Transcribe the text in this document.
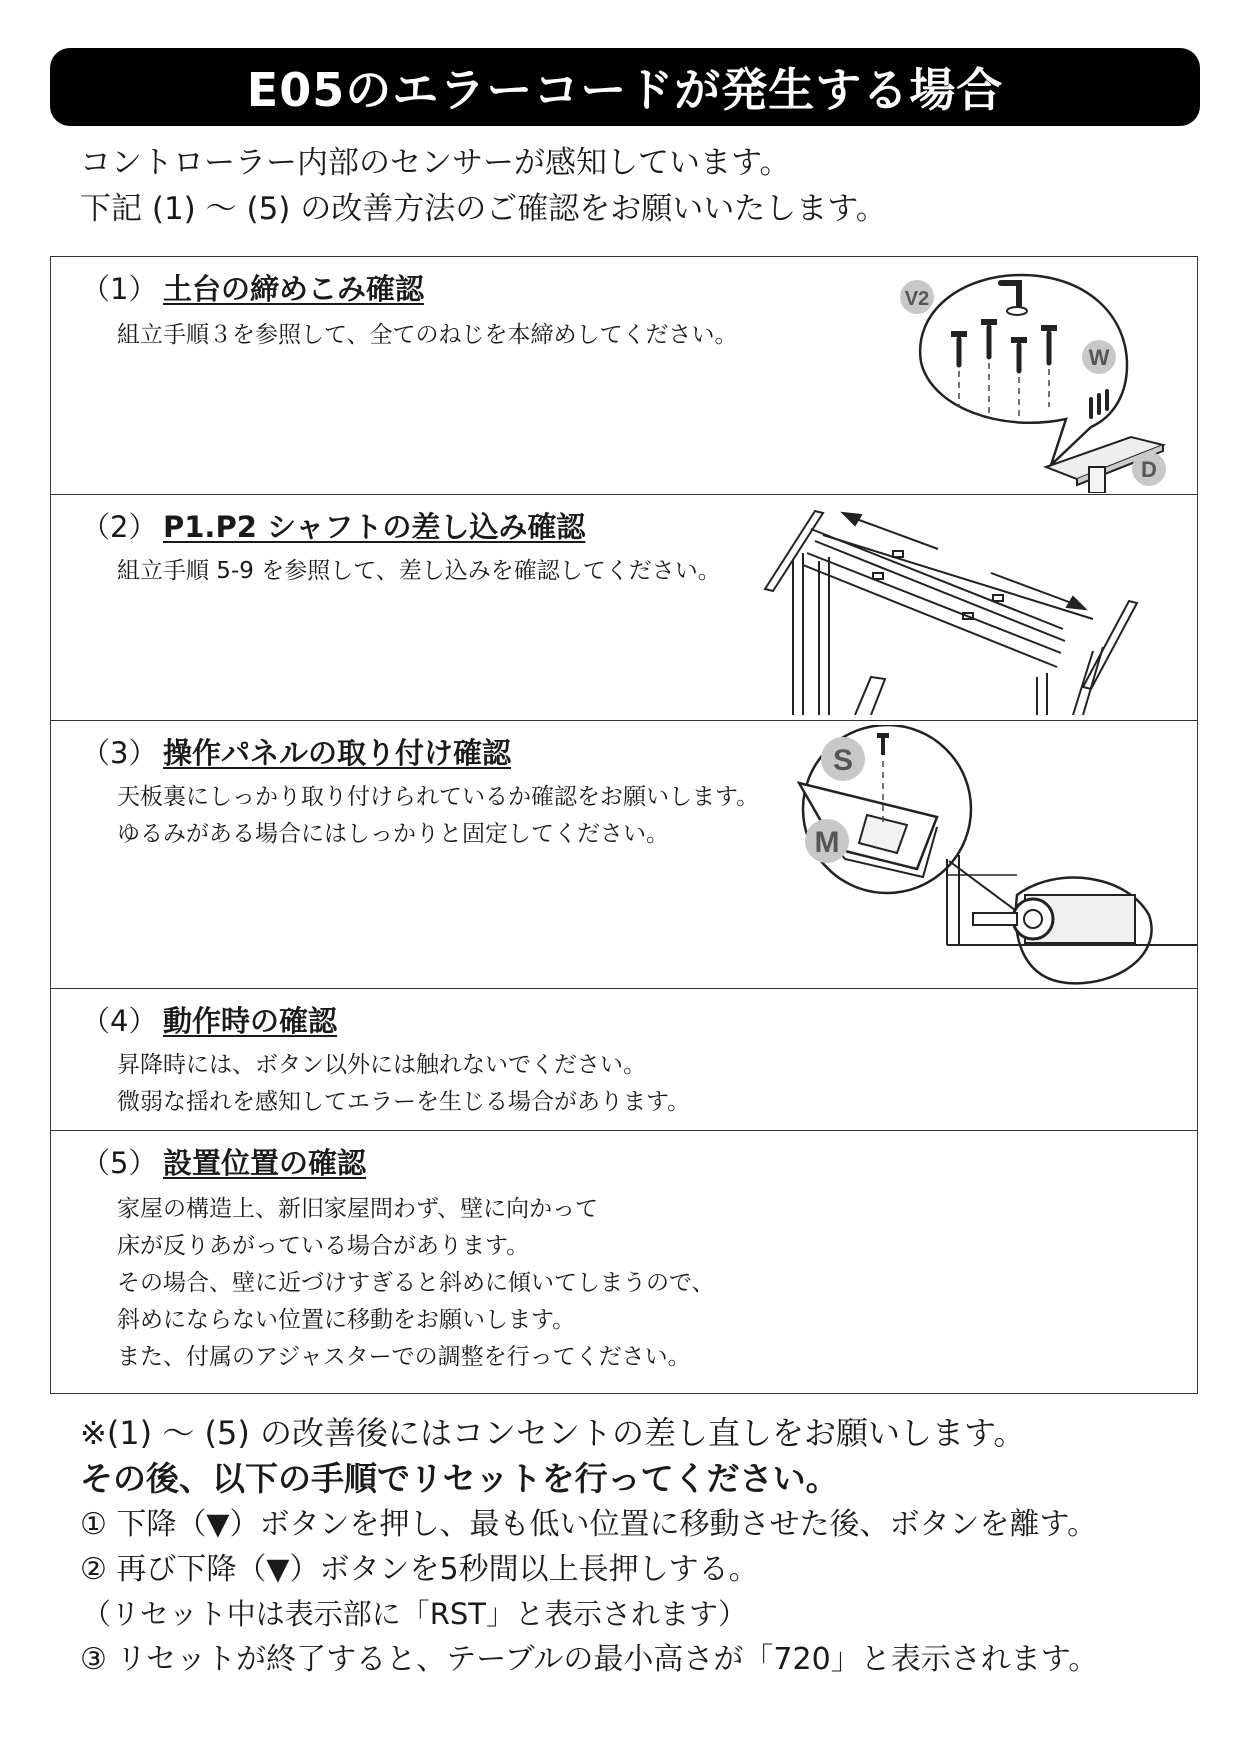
E05のエラーコードが発生する場合
コントローラー内部のセンサーが感知しています。
下記 (1) ～ (5) の改善方法のご確認をお願いいたします。
（1） 土台の締めこみ確認
組立手順３を参照して、全てのねじを本締めしてください。
V2
W
D
（2） P1.P2 シャフトの差し込み確認
組立手順 5-9 を参照して、差し込みを確認してください。
（3） 操作パネルの取り付け確認
天板裏にしっかり取り付けられているか確認をお願いします。
ゆるみがある場合にはしっかりと固定してください。
S
M
（4） 動作時の確認
昇降時には、ボタン以外には触れないでください。
微弱な揺れを感知してエラーを生じる場合があります。
（5） 設置位置の確認
家屋の構造上、新旧家屋問わず、壁に向かって
床が反りあがっている場合があります。
その場合、壁に近づけすぎると斜めに傾いてしまうので、
斜めにならない位置に移動をお願いします。
また、付属のアジャスターでの調整を行ってください。
※(1) ～ (5) の改善後にはコンセントの差し直しをお願いします。
その後、以下の手順でリセットを行ってください。
① 下降（▼）ボタンを押し、最も低い位置に移動させた後、ボタンを離す。
② 再び下降（▼）ボタンを5秒間以上長押しする。
（リセット中は表示部に「RST」と表示されます）
③ リセットが終了すると、テーブルの最小高さが「720」と表示されます。
